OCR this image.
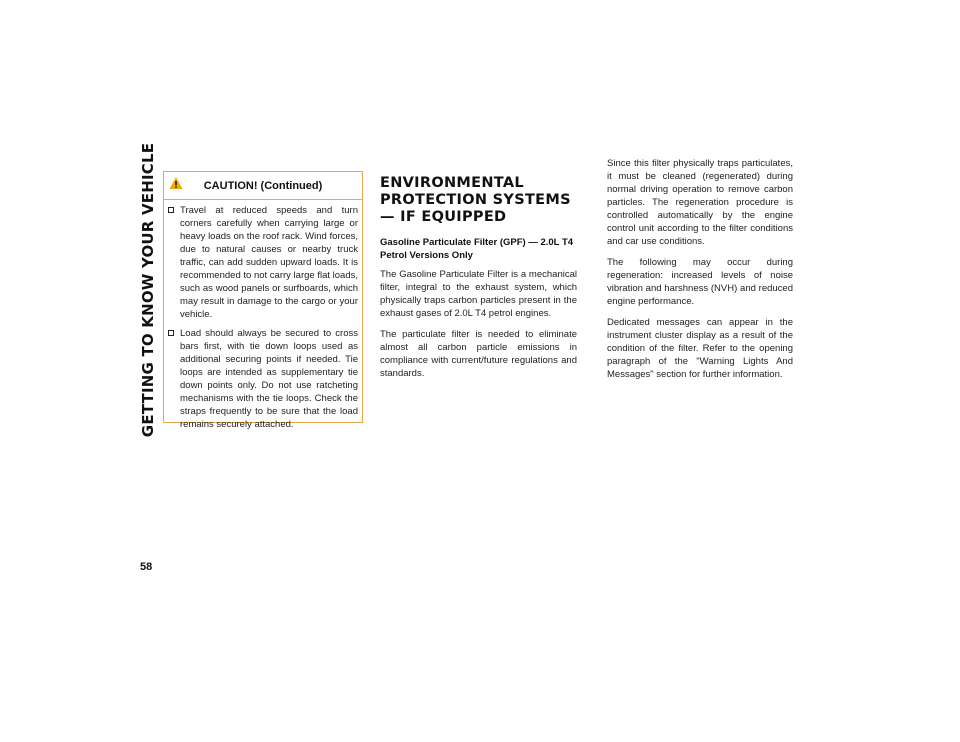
GETTING TO KNOW YOUR VEHICLE
58
CAUTION! (Continued)
Travel at reduced speeds and turn corners carefully when carrying large or heavy loads on the roof rack. Wind forces, due to natural causes or nearby truck traffic, can add sudden upward loads. It is recommended to not carry large flat loads, such as wood panels or surfboards, which may result in damage to the cargo or your vehicle.
Load should always be secured to cross bars first, with tie down loops used as additional securing points if needed. Tie loops are intended as supplementary tie down points only. Do not use ratcheting mechanisms with the tie loops. Check the straps frequently to be sure that the load remains securely attached.
ENVIRONMENTAL PROTECTION SYSTEMS — IF EQUIPPED

Gasoline Particulate Filter (GPF) — 2.0L T4 Petrol Versions Only

The Gasoline Particulate Filter is a mechanical filter, integral to the exhaust system, which physically traps carbon particles present in the exhaust gases of 2.0L T4 petrol engines.

The particulate filter is needed to eliminate almost all carbon particle emissions in compliance with current/future regulations and standards.

Since this filter physically traps particulates, it must be cleaned (regenerated) during normal driving operation to remove carbon particles. The regeneration procedure is controlled automatically by the engine control unit according to the filter conditions and car use conditions.

The following may occur during regeneration: increased levels of noise vibration and harshness (NVH) and reduced engine performance.

Dedicated messages can appear in the instrument cluster display as a result of the condition of the filter. Refer to the opening paragraph of the "Warning Lights And Messages" section for further information.
